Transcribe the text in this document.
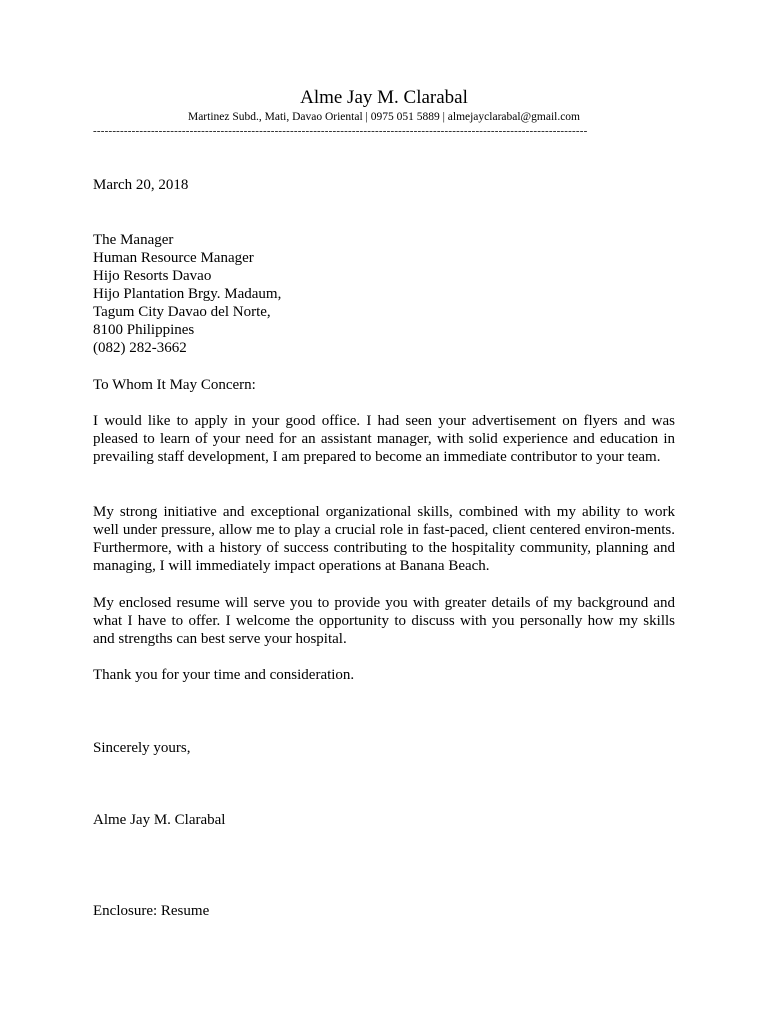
Alme Jay M. Clarabal
Martinez Subd., Mati, Davao Oriental | 0975 051 5889 | almejayclarabal@gmail.com
--------------------------------------------------------------------------------------------------------------------------------
March 20, 2018
The Manager
Human Resource Manager
Hijo Resorts Davao
Hijo Plantation Brgy. Madaum,
Tagum City Davao del Norte,
8100 Philippines
(082) 282-3662
To Whom It May Concern:
I would like to apply in your good office. I had seen your advertisement on flyers and was pleased to learn of your need for an assistant manager, with solid experience and education in prevailing staff development, I am prepared to become an immediate contributor to your team.
My strong initiative and exceptional organizational skills, combined with my ability to work well under pressure, allow me to play a crucial role in fast-paced, client centered environ-ments. Furthermore, with a history of success contributing to the hospitality community, planning and managing, I will immediately impact operations at Banana Beach.
My enclosed resume will serve you to provide you with greater details of my background and what I have to offer. I welcome the opportunity to discuss with you personally how my skills and strengths can best serve your hospital.
Thank you for your time and consideration.
Sincerely yours,
Alme Jay M. Clarabal
Enclosure: Resume
